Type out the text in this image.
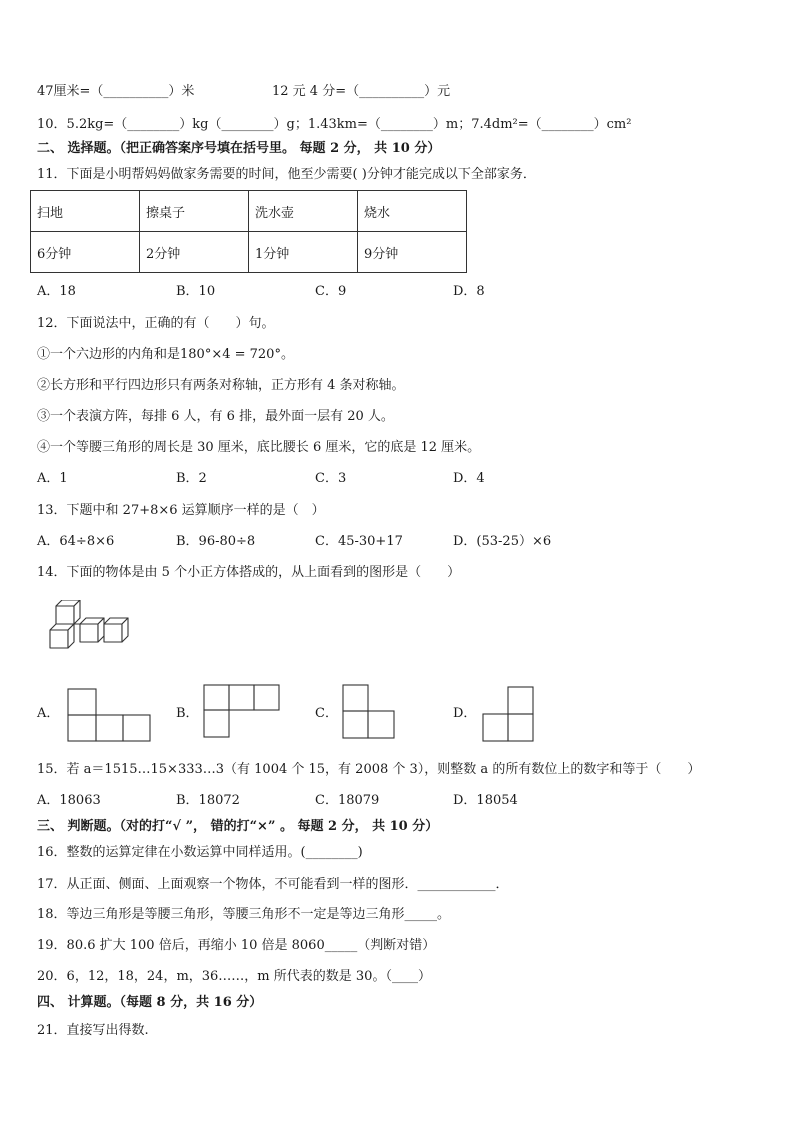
47厘米=（__________）米	12 元 4 分=（__________）元
10．5.2kg=（________）kg（________）g；1.43km=（________）m；7.4dm²=（________）cm²
二、 选择题。（把正确答案序号填在括号里。 每题 2 分， 共 10 分）
11．下面是小明帮妈妈做家务需要的时间，他至少需要( )分钟才能完成以下全部家务．
扫地	擦桌子	洗水壶	烧水
6分钟	2分钟	1分钟	9分钟
A．18	B．10	C．9	D．8
12．下面说法中，正确的有（　　）句。
①一个六边形的内角和是180°×4 = 720°。
②长方形和平行四边形只有两条对称轴，正方形有 4 条对称轴。
③一个表演方阵，每排 6 人，有 6 排，最外面一层有 20 人。
④一个等腰三角形的周长是 30 厘米，底比腰长 6 厘米，它的底是 12 厘米。
A．1	B．2	C．3	D．4
13．下题中和 27+8×6 运算顺序一样的是（　）
A．64÷8×6	B．96-80÷8	C．45-30+17	D．(53-25）×6
14．下面的物体是由 5 个小正方体搭成的，从上面看到的图形是（　　）
A．	B．	C．	D．
15．若 a＝1515…15×333…3（有 1004 个 15，有 2008 个 3），则整数 a 的所有数位上的数字和等于（　　）
A．18063	B．18072	C．18079	D．18054
三、 判断题。（对的打“√ ”， 错的打“×” 。 每题 2 分， 共 10 分）
16．整数的运算定律在小数运算中同样适用。(________)
17．从正面、侧面、上面观察一个物体，不可能看到一样的图形．____________．
18．等边三角形是等腰三角形，等腰三角形不一定是等边三角形_____。
19．80.6 扩大 100 倍后，再缩小 10 倍是 8060_____（判断对错）
20．6，12，18，24，m，36……，m 所代表的数是 30。（____）
四、 计算题。（每题 8 分，共 16 分）
21．直接写出得数.
